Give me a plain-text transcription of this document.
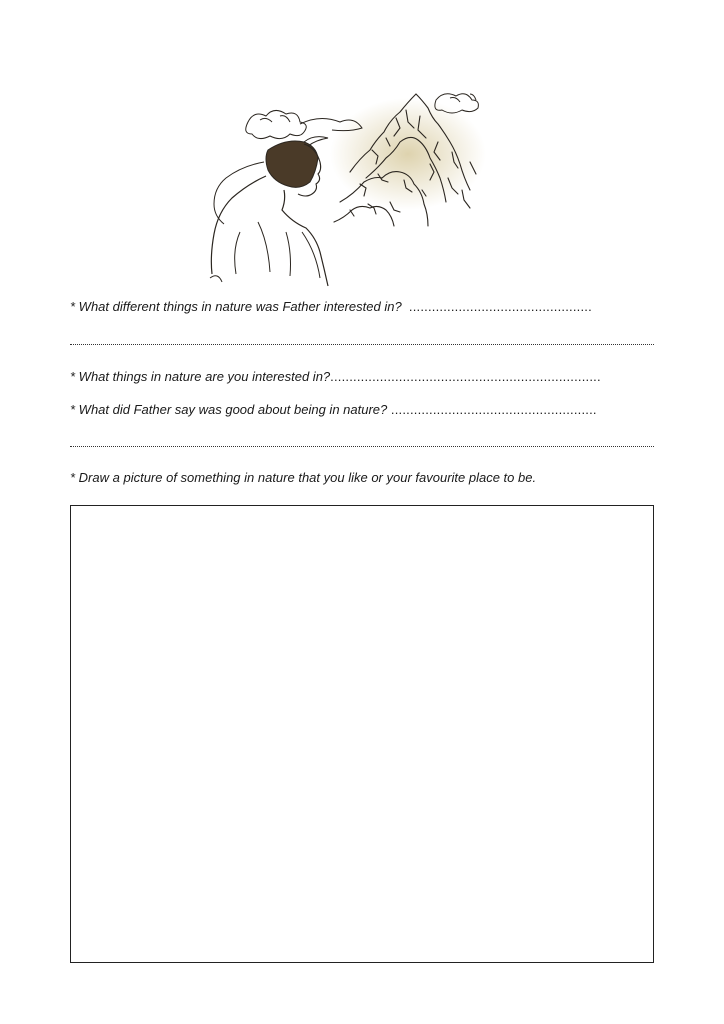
* What different things in nature was Father interested in? ................................................
* What things in nature are you interested in?.......................................................................
* What did Father say was good about being in nature? ......................................................
* Draw a picture of something in nature that you like or your favourite place to be.
